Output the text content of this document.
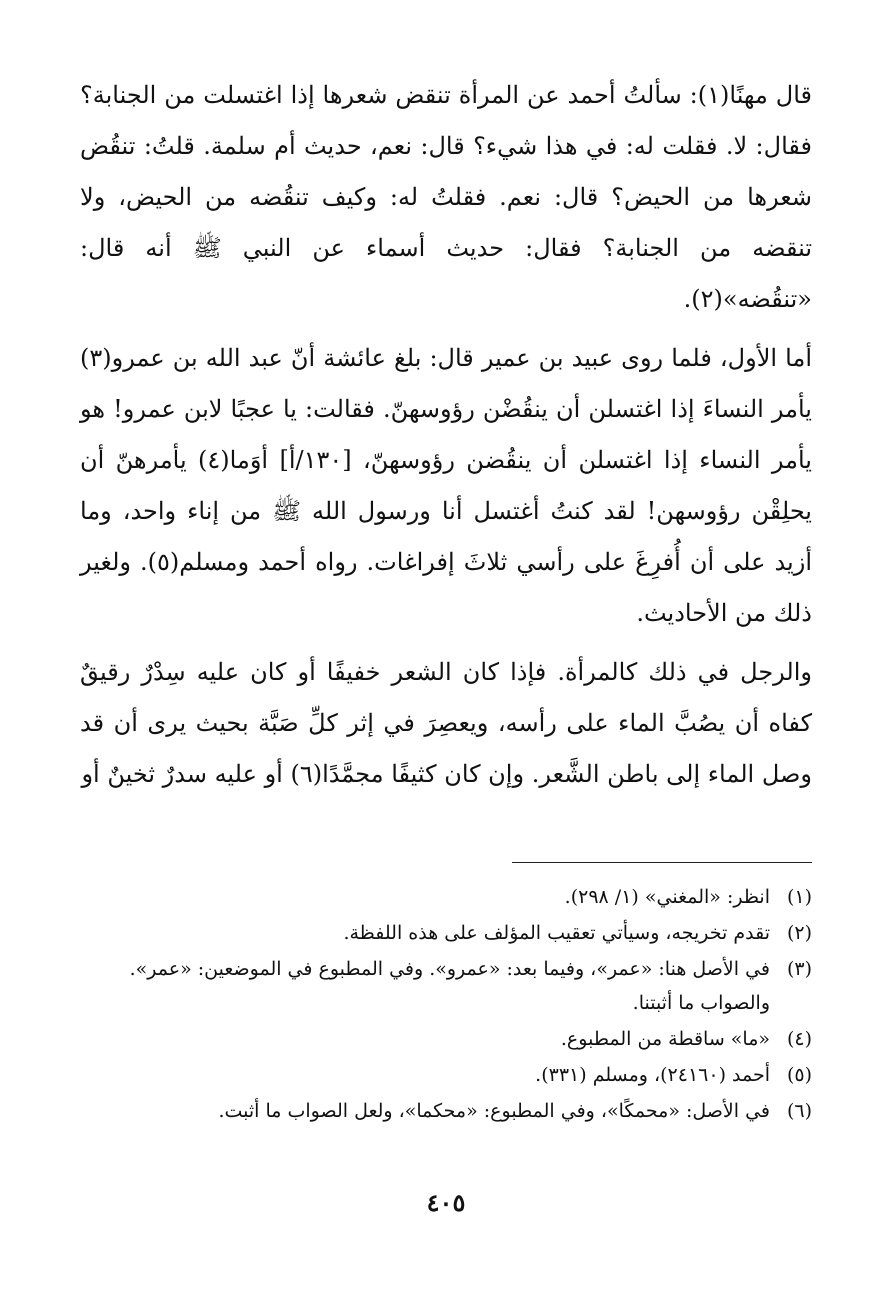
قال مهنًا(١): سألتُ أحمد عن المرأة تنقض شعرها إذا اغتسلت من الجنابة؟ فقال: لا. فقلت له: في هذا شيء؟ قال: نعم، حديث أم سلمة. قلتُ: تنقُض شعرها من الحيض؟ قال: نعم. فقلتُ له: وكيف تنقُضه من الحيض، ولا تنقضه من الجنابة؟ فقال: حديث أسماء عن النبي ﷺ أنه قال: «تنقُضه»(٢).

أما الأول، فلما روى عبيد بن عمير قال: بلغ عائشة أنّ عبد الله بن عمرو(٣) يأمر النساءَ إذا اغتسلن أن ينقُضْن رؤوسهنّ. فقالت: يا عجبًا لابن عمرو! هو يأمر النساء إذا اغتسلن أن ينقُضن رؤوسهنّ، [١٣٠/أ] أوَما(٤) يأمرهنّ أن يحلِقْن رؤوسهن! لقد كنتُ أغتسل أنا ورسول الله ﷺ من إناء واحد، وما أزيد على أن أُفرِغَ على رأسي ثلاثَ إفراغات. رواه أحمد ومسلم(٥). ولغير ذلك من الأحاديث.

والرجل في ذلك كالمرأة. فإذا كان الشعر خفيفًا أو كان عليه سِدْرٌ رقيقٌ كفاه أن يصُبَّ الماء على رأسه، ويعصِرَ في إثر كلِّ صَبَّة بحيث يرى أن قد وصل الماء إلى باطن الشَّعر. وإن كان كثيفًا مجمَّدًا(٦) أو عليه سدرٌ ثخينٌ أو

(١)
انظر: «المغني» (١/ ٢٩٨).
(٢)
تقدم تخريجه، وسيأتي تعقيب المؤلف على هذه اللفظة.
(٣)
في الأصل هنا: «عمر»، وفيما بعد: «عمرو». وفي المطبوع في الموضعين: «عمر». والصواب ما أثبتنا.
(٤)
«ما» ساقطة من المطبوع.
(٥)
أحمد (٢٤١٦٠)، ومسلم (٣٣١).
(٦)
في الأصل: «محمكًا»، وفي المطبوع: «محكما»، ولعل الصواب ما أثبت.
٤٠٥
